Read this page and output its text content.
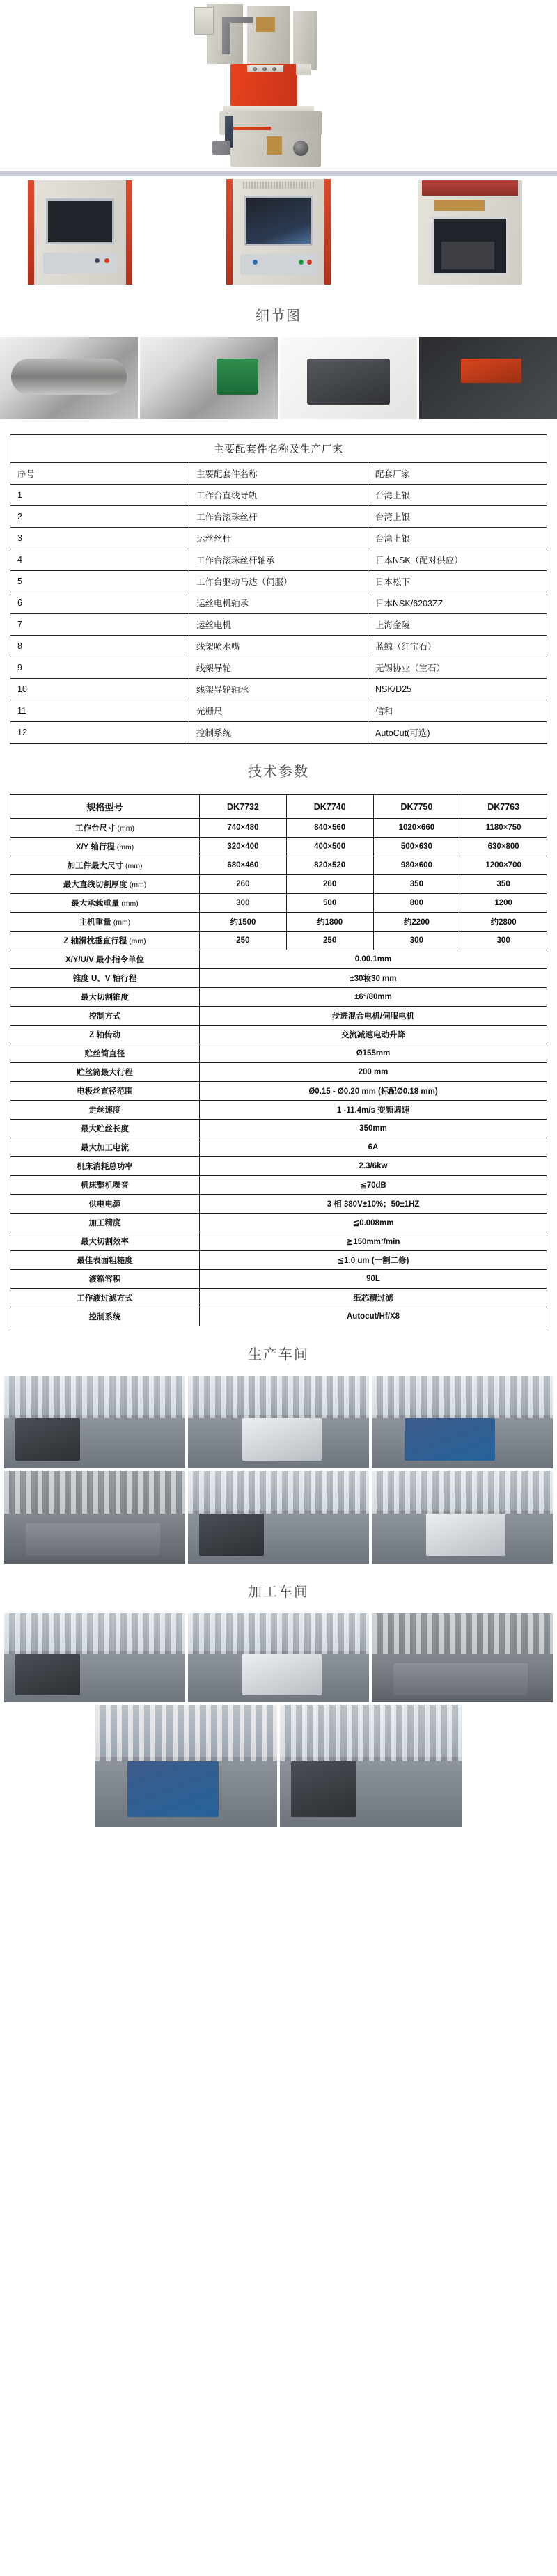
细节图
主要配套件名称及生产厂家		
序号	主要配套件名称	配套厂家
1	工作台直线导轨	台湾上银
2	工作台滚珠丝杆	台湾上银
3	运丝丝杆	台湾上银
4	工作台滚珠丝杆轴承	日本NSK（配对供应）
5	工作台驱动马达（伺服）	日本松下
6	运丝电机轴承	日本NSK/6203ZZ
7	运丝电机	上海金陵
8	线架喷水嘴	蓝鲸（红宝石）
9	线架导轮	无锡协业（宝石）
10	线架导轮轴承	NSK/D25
11	光栅尺	信和
12	控制系统	AutoCut(可选)
技术参数
规格型号	DK7732	DK7740	DK7750	DK7763
工作台尺寸 (mm)	740×480	840×560	1020×660	1180×750
X/Y 轴行程 (mm)	320×400	400×500	500×630	630×800
加工件最大尺寸 (mm)	680×460	820×520	980×600	1200×700
最大直线切割厚度 (mm)	260	260	350	350
最大承载重量 (mm)	300	500	800	1200
主机重量 (mm)	约1500	约1800	约2200	约2800
Z 轴滑枕垂直行程 (mm)	250	250	300	300
X/Y/U/V 最小指令单位	0.00.1mm			
锥度 U、V 轴行程	±30妆30 mm			
最大切割锥度	±6°/80mm			
控制方式	步进混合电机/伺服电机			
Z 轴传动	交流减速电动升降			
贮丝简直径	Ø155mm			
贮丝筒最大行程	200 mm			
电极丝直径范围	Ø0.15 - Ø0.20 mm (标配Ø0.18 mm)			
走丝速度	1 -11.4m/s 变频调速			
最大贮丝长度	350mm			
最大加工电流	6A			
机床消耗总功率	2.3/6kw			
机床整机噪音	≦70dB			
供电电源	3 相 380V±10%；50±1HZ			
加工精度	≦0.008mm			
最大切割效率	≧150mm²/min			
最佳表面粗糙度	≦1.0 um (一割二修)			
液箱容积	90L			
工作液过滤方式	纸芯精过滤			
控制系统	Autocut/Hf/X8			
生产车间
加工车间
